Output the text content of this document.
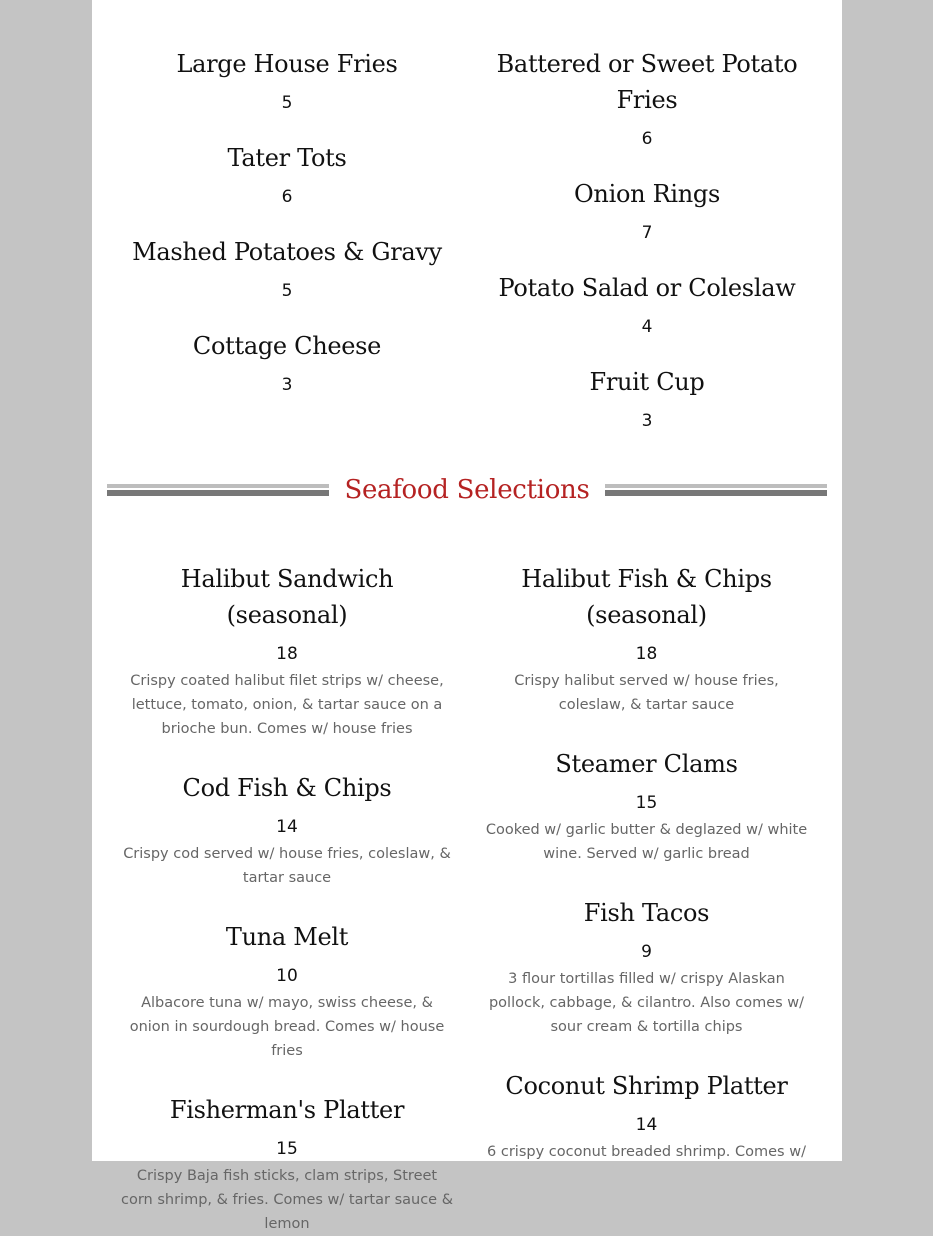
Large House Fries
5
Tater Tots
6
Mashed Potatoes & Gravy
5
Cottage Cheese
3
Battered or Sweet Potato Fries
6
Onion Rings
7
Potato Salad or Coleslaw
4
Fruit Cup
3
Seafood Selections
Halibut Sandwich (seasonal)
18
Crispy coated halibut filet strips w/ cheese, lettuce, tomato, onion, & tartar sauce on a brioche bun. Comes w/ house fries
Cod Fish & Chips
14
Crispy cod served w/ house fries, coleslaw, & tartar sauce
Tuna Melt
10
Albacore tuna w/ mayo, swiss cheese, & onion in sourdough bread. Comes w/ house fries
Fisherman's Platter
15
Crispy Baja fish sticks, clam strips, Street corn shrimp, & fries. Comes w/ tartar sauce & lemon
Halibut Fish & Chips (seasonal)
18
Crispy halibut served w/ house fries, coleslaw, & tartar sauce
Steamer Clams
15
Cooked w/ garlic butter & deglazed w/ white wine. Served w/ garlic bread
Fish Tacos
9
3 flour tortillas filled w/ crispy Alaskan pollock, cabbage, & cilantro. Also comes w/ sour cream & tortilla chips
Coconut Shrimp Platter
14
6 crispy coconut breaded shrimp. Comes w/
